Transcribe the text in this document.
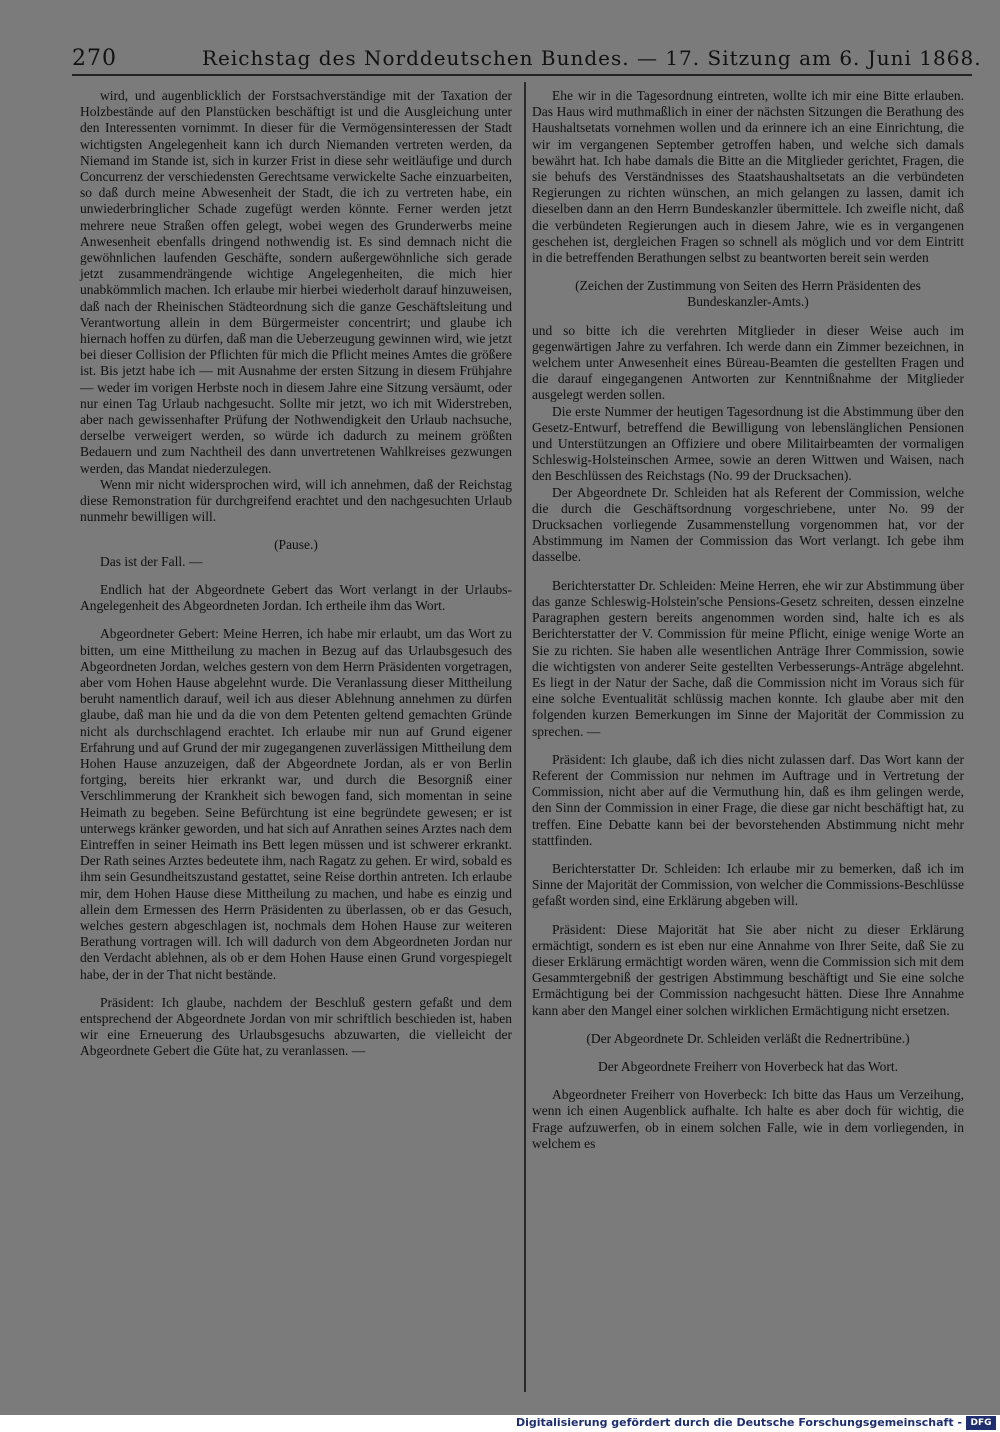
270	Reichstag des Norddeutschen Bundes. — 17. Sitzung am 6. Juni 1868.

wird, und augenblicklich der Forstsachverständige mit der Taxation der Holzbestände auf den Planstücken beschäftigt ist und die Ausgleichung unter den Interessenten vornimmt. In dieser für die Vermögensinteressen der Stadt wichtigsten Angelegenheit kann ich durch Niemanden vertreten werden, da Niemand im Stande ist, sich in kurzer Frist in diese sehr weitläufige und durch Concurrenz der verschiedensten Gerechtsame verwickelte Sache einzuarbeiten, so daß durch meine Abwesenheit der Stadt, die ich zu vertreten habe, ein unwiederbringlicher Schade zugefügt werden könnte. Ferner werden jetzt mehrere neue Straßen offen gelegt, wobei wegen des Grunderwerbs meine Anwesenheit ebenfalls dringend nothwendig ist. Es sind demnach nicht die gewöhnlichen laufenden Geschäfte, sondern außergewöhnliche sich gerade jetzt zusammendrängende wichtige Angelegenheiten, die mich hier unabkömmlich machen. Ich erlaube mir hierbei wiederholt darauf hinzuweisen, daß nach der Rheinischen Städteordnung sich die ganze Geschäftsleitung und Verantwortung allein in dem Bürgermeister concentrirt; und glaube ich hiernach hoffen zu dürfen, daß man die Ueberzeugung gewinnen wird, wie jetzt bei dieser Collision der Pflichten für mich die Pflicht meines Amtes die größere ist. Bis jetzt habe ich — mit Ausnahme der ersten Sitzung in diesem Frühjahre — weder im vorigen Herbste noch in diesem Jahre eine Sitzung versäumt, oder nur einen Tag Urlaub nachgesucht. Sollte mir jetzt, wo ich mit Widerstreben, aber nach gewissenhafter Prüfung der Nothwendigkeit den Urlaub nachsuche, derselbe verweigert werden, so würde ich dadurch zu meinem größten Bedauern und zum Nachtheil des dann unvertretenen Wahlkreises gezwungen werden, das Mandat niederzulegen.

Wenn mir nicht widersprochen wird, will ich annehmen, daß der Reichstag diese Remonstration für durchgreifend erachtet und den nachgesuchten Urlaub nunmehr bewilligen will.

(Pause.)

Das ist der Fall. —

Endlich hat der Abgeordnete Gebert das Wort verlangt in der Urlaubs-Angelegenheit des Abgeordneten Jordan. Ich ertheile ihm das Wort.

Abgeordneter Gebert: Meine Herren, ich habe mir erlaubt, um das Wort zu bitten, um eine Mittheilung zu machen in Bezug auf das Urlaubsgesuch des Abgeordneten Jordan, welches gestern von dem Herrn Präsidenten vorgetragen, aber vom Hohen Hause abgelehnt wurde. Die Veranlassung dieser Mittheilung beruht namentlich darauf, weil ich aus dieser Ablehnung annehmen zu dürfen glaube, daß man hie und da die von dem Petenten geltend gemachten Gründe nicht als durchschlagend erachtet. Ich erlaube mir nun auf Grund eigener Erfahrung und auf Grund der mir zugegangenen zuverlässigen Mittheilung dem Hohen Hause anzuzeigen, daß der Abgeordnete Jordan, als er von Berlin fortging, bereits hier erkrankt war, und durch die Besorgniß einer Verschlimmerung der Krankheit sich bewogen fand, sich momentan in seine Heimath zu begeben. Seine Befürchtung ist eine begründete gewesen; er ist unterwegs kränker geworden, und hat sich auf Anrathen seines Arztes nach dem Eintreffen in seiner Heimath ins Bett legen müssen und ist schwerer erkrankt. Der Rath seines Arztes bedeutete ihm, nach Ragatz zu gehen. Er wird, sobald es ihm sein Gesundheitszustand gestattet, seine Reise dorthin antreten. Ich erlaube mir, dem Hohen Hause diese Mittheilung zu machen, und habe es einzig und allein dem Ermessen des Herrn Präsidenten zu überlassen, ob er das Gesuch, welches gestern abgeschlagen ist, nochmals dem Hohen Hause zur weiteren Berathung vortragen will. Ich will dadurch von dem Abgeordneten Jordan nur den Verdacht ablehnen, als ob er dem Hohen Hause einen Grund vorgespiegelt habe, der in der That nicht bestände.

Präsident: Ich glaube, nachdem der Beschluß gestern gefaßt und dem entsprechend der Abgeordnete Jordan von mir schriftlich beschieden ist, haben wir eine Erneuerung des Urlaubsgesuchs abzuwarten, die vielleicht der Abgeordnete Gebert die Güte hat, zu veranlassen. —

Ehe wir in die Tagesordnung eintreten, wollte ich mir eine Bitte erlauben. Das Haus wird muthmaßlich in einer der nächsten Sitzungen die Berathung des Haushaltsetats vornehmen wollen und da erinnere ich an eine Einrichtung, die wir im vergangenen September getroffen haben, und welche sich damals bewährt hat. Ich habe damals die Bitte an die Mitglieder gerichtet, Fragen, die sie behufs des Verständnisses des Staatshaushaltsetats an die verbündeten Regierungen zu richten wünschen, an mich gelangen zu lassen, damit ich dieselben dann an den Herrn Bundeskanzler übermittele. Ich zweifle nicht, daß die verbündeten Regierungen auch in diesem Jahre, wie es in vergangenen geschehen ist, dergleichen Fragen so schnell als möglich und vor dem Eintritt in die betreffenden Berathungen selbst zu beantworten bereit sein werden

(Zeichen der Zustimmung von Seiten des Herrn Präsidenten des Bundeskanzler-Amts.)

und so bitte ich die verehrten Mitglieder in dieser Weise auch im gegenwärtigen Jahre zu verfahren. Ich werde dann ein Zimmer bezeichnen, in welchem unter Anwesenheit eines Büreau-Beamten die gestellten Fragen und die darauf eingegangenen Antworten zur Kenntnißnahme der Mitglieder ausgelegt werden sollen.

Die erste Nummer der heutigen Tagesordnung ist die Abstimmung über den Gesetz-Entwurf, betreffend die Bewilligung von lebenslänglichen Pensionen und Unterstützungen an Offiziere und obere Militairbeamten der vormaligen Schleswig-Holsteinschen Armee, sowie an deren Wittwen und Waisen, nach den Beschlüssen des Reichstags (No. 99 der Drucksachen).

Der Abgeordnete Dr. Schleiden hat als Referent der Commission, welche die durch die Geschäftsordnung vorgeschriebene, unter No. 99 der Drucksachen vorliegende Zusammenstellung vorgenommen hat, vor der Abstimmung im Namen der Commission das Wort verlangt. Ich gebe ihm dasselbe.

Berichterstatter Dr. Schleiden: Meine Herren, ehe wir zur Abstimmung über das ganze Schleswig-Holstein'sche Pensions-Gesetz schreiten, dessen einzelne Paragraphen gestern bereits angenommen worden sind, halte ich es als Berichterstatter der V. Commission für meine Pflicht, einige wenige Worte an Sie zu richten. Sie haben alle wesentlichen Anträge Ihrer Commission, sowie die wichtigsten von anderer Seite gestellten Verbesserungs-Anträge abgelehnt. Es liegt in der Natur der Sache, daß die Commission nicht im Voraus sich für eine solche Eventualität schlüssig machen konnte. Ich glaube aber mit den folgenden kurzen Bemerkungen im Sinne der Majorität der Commission zu sprechen. —

Präsident: Ich glaube, daß ich dies nicht zulassen darf. Das Wort kann der Referent der Commission nur nehmen im Auftrage und in Vertretung der Commission, nicht aber auf die Vermuthung hin, daß es ihm gelingen werde, den Sinn der Commission in einer Frage, die diese gar nicht beschäftigt hat, zu treffen. Eine Debatte kann bei der bevorstehenden Abstimmung nicht mehr stattfinden.

Berichterstatter Dr. Schleiden: Ich erlaube mir zu bemerken, daß ich im Sinne der Majorität der Commission, von welcher die Commissions-Beschlüsse gefaßt worden sind, eine Erklärung abgeben will.

Präsident: Diese Majorität hat Sie aber nicht zu dieser Erklärung ermächtigt, sondern es ist eben nur eine Annahme von Ihrer Seite, daß Sie zu dieser Erklärung ermächtigt worden wären, wenn die Commission sich mit dem Gesammtergebniß der gestrigen Abstimmung beschäftigt und Sie eine solche Ermächtigung bei der Commission nachgesucht hätten. Diese Ihre Annahme kann aber den Mangel einer solchen wirklichen Ermächtigung nicht ersetzen.

(Der Abgeordnete Dr. Schleiden verläßt die Rednertribüne.)

Der Abgeordnete Freiherr von Hoverbeck hat das Wort.

Abgeordneter Freiherr von Hoverbeck: Ich bitte das Haus um Verzeihung, wenn ich einen Augenblick aufhalte. Ich halte es aber doch für wichtig, die Frage aufzuwerfen, ob in einem solchen Falle, wie in dem vorliegenden, in welchem es

Digitalisierung gefördert durch die Deutsche Forschungsgemeinschaft - DFG
